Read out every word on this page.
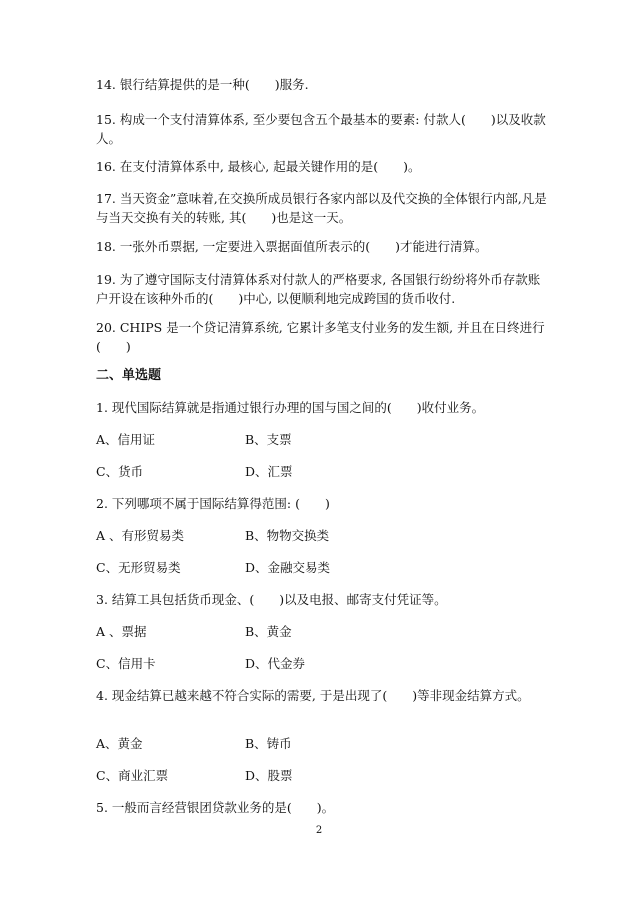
14. 银行结算提供的是一种(　　)服务.
15. 构成一个支付清算体系, 至少要包含五个最基本的要素: 付款人(　　)以及收款人。
16. 在支付清算体系中, 最核心, 起最关键作用的是(　　)。
17. 当天资金”意味着,在交换所成员银行各家内部以及代交换的全体银行内部,凡是与当天交换有关的转账, 其(　　)也是这一天。
18. 一张外币票据, 一定要进入票据面值所表示的(　　)才能进行清算。
19. 为了遵守国际支付清算体系对付款人的严格要求, 各国银行纷纷将外币存款账户开设在该种外币的(　　)中心, 以便顺利地完成跨国的货币收付.
20. CHIPS 是一个贷记清算系统, 它累计多笔支付业务的发生额, 并且在日终进行(　　)
二、单选题
1. 现代国际结算就是指通过银行办理的国与国之间的(　　)收付业务。
A、信用证	B、支票
C、货币	D、汇票
2. 下列哪项不属于国际结算得范围: (　　)
A 、有形贸易类	B、物物交换类
C、无形贸易类	D、金融交易类
3. 结算工具包括货币现金、(　　)以及电报、邮寄支付凭证等。
A 、票据	B、黄金
C、信用卡	D、代金券
4. 现金结算已越来越不符合实际的需要, 于是出现了(　　)等非现金结算方式。
A、黄金	B、铸币
C、商业汇票	D、股票
5. 一般而言经营银团贷款业务的是(　　)。
2
